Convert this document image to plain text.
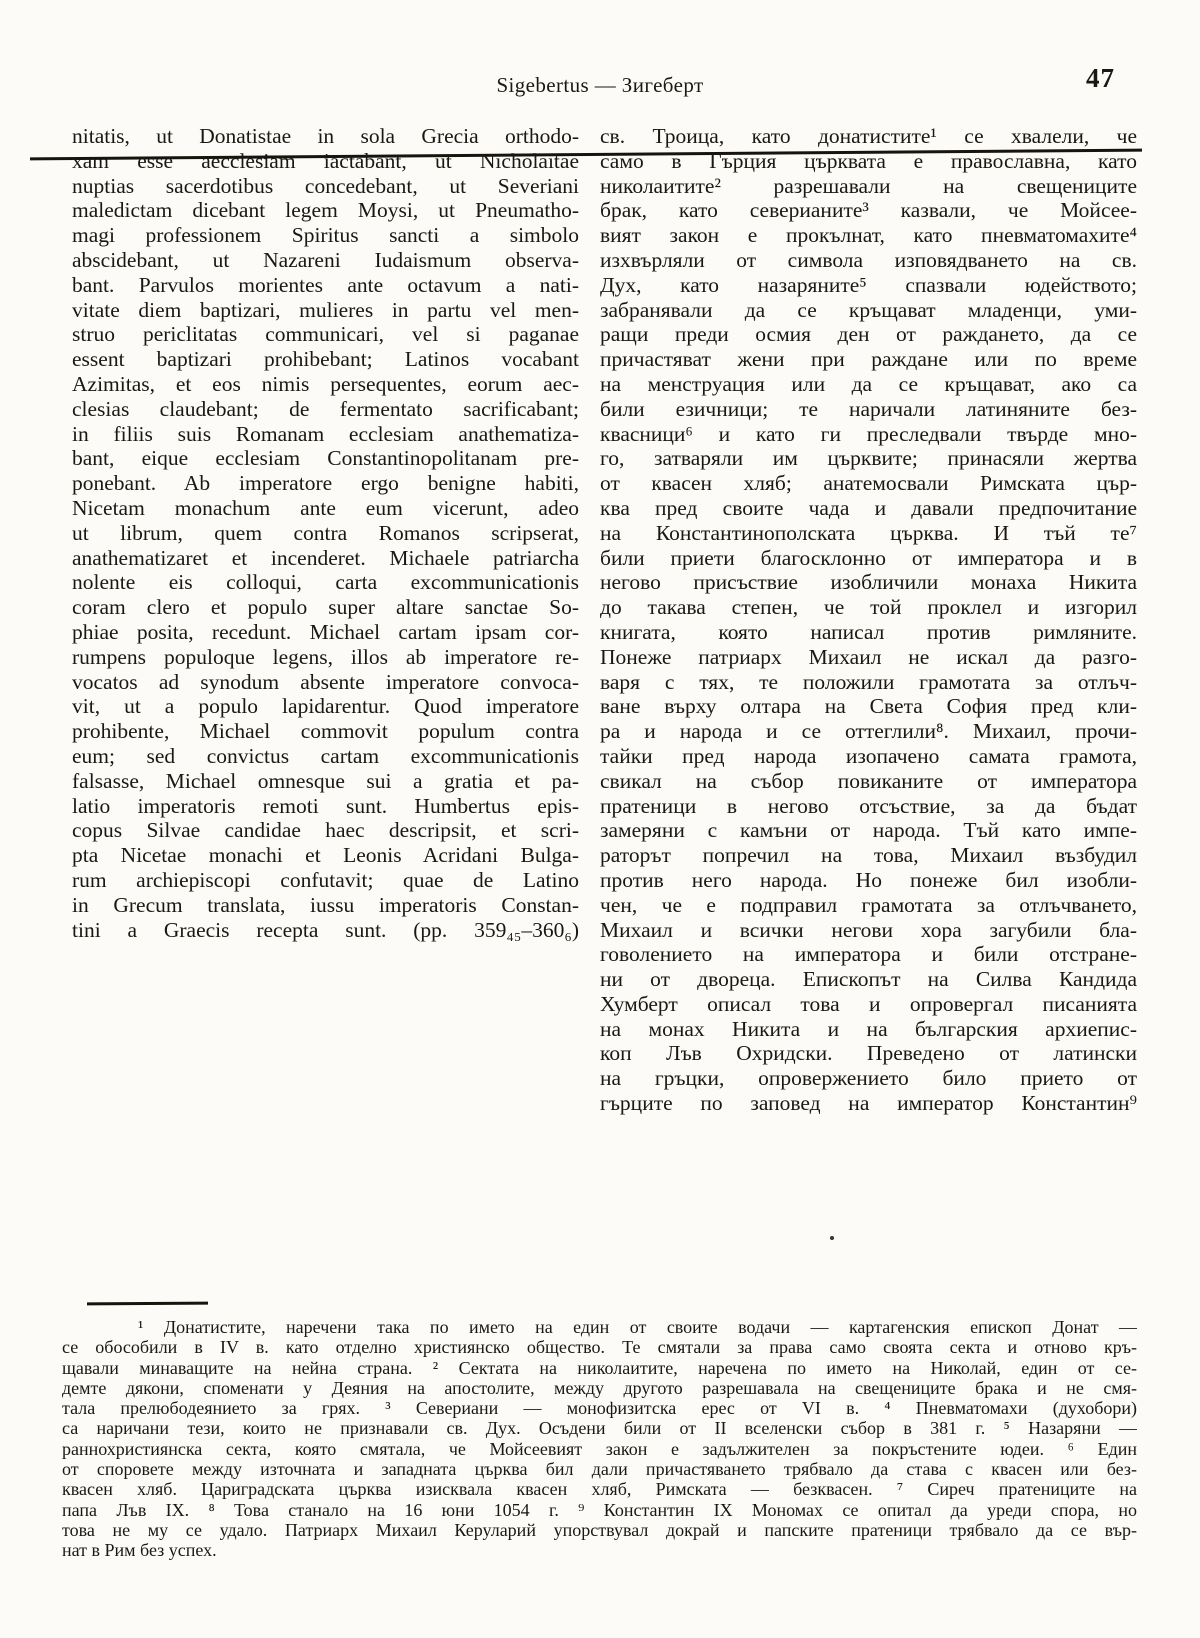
Sigebertus — Зигеберт	47
nitatis, ut Donatistae in sola Grecia orthodo-
xam esse aecclesiam iactabant, ut Nicholaitae
nuptias sacerdotibus concedebant, ut Severiani
maledictam dicebant legem Moysi, ut Pneumatho-
magi professionem Spiritus sancti a simbolo
abscidebant, ut Nazareni Iudaismum observa-
bant. Parvulos morientes ante octavum a nati-
vitate diem baptizari, mulieres in partu vel men-
struo periclitatas communicari, vel si paganae
essent baptizari prohibebant; Latinos vocabant
Azimitas, et eos nimis persequentes, eorum aec-
clesias claudebant; de fermentato sacrificabant;
in filiis suis Romanam ecclesiam anathematiza-
bant, eique ecclesiam Constantinopolitanam pre-
ponebant. Ab imperatore ergo benigne habiti,
Nicetam monachum ante eum vicerunt, adeo
ut librum, quem contra Romanos scripserat,
anathematizaret et incenderet. Michaele patriarcha
nolente eis colloqui, carta excommunicationis
coram clero et populo super altare sanctae So-
phiae posita, recedunt. Michael cartam ipsam cor-
rumpens populoque legens, illos ab imperatore re-
vocatos ad synodum absente imperatore convoca-
vit, ut a populo lapidarentur. Quod imperatore
prohibente, Michael commovit populum contra
eum; sed convictus cartam excommunicationis
falsasse, Michael omnesque sui a gratia et pa-
latio imperatoris remoti sunt. Humbertus epis-
copus Silvae candidae haec descripsit, et scri-
pta Nicetae monachi et Leonis Acridani Bulga-
rum archiepiscopi confutavit; quae de Latino
in Grecum translata, iussu imperatoris Constan-
tini a Graecis recepta sunt. (pp. 359₄₅–360₆)
св. Троица, като донатистите¹ се хвалели, че
само в Гърция църквата е православна, като
николаитите² разрешавали на свещениците
брак, като северианите³ казвали, че Мойсее-
вият закон е прокълнат, като пневматомахите⁴
изхвърляли от символа изповядването на св.
Дух, като назаряните⁵ спазвали юдейството;
забранявали да се кръщават младенци, уми-
ращи преди осмия ден от раждането, да се
причастяват жени при раждане или по време
на менструация или да се кръщават, ако са
били езичници; те наричали латиняните без-
квасници⁶ и като ги преследвали твърде мно-
го, затваряли им църквите; принасяли жертва
от квасен хляб; анатемосвали Римската цър-
ква пред своите чада и давали предпочитание
на Константинополската църква. И тъй те⁷
били приети благосклонно от императора и в
негово присъствие изобличили монаха Никита
до такава степен, че той проклел и изгорил
книгата, която написал против римляните.
Понеже патриарх Михаил не искал да разго-
варя с тях, те положили грамотата за отлъч-
ване върху олтара на Света София пред кли-
ра и народа и се оттеглили⁸. Михаил, прочи-
тайки пред народа изопачено самата грамота,
свикал на събор повиканите от императора
пратеници в негово отсъствие, за да бъдат
замеряни с камъни от народа. Тъй като импе-
раторът попречил на това, Михаил възбудил
против него народа. Но понеже бил изобли-
чен, че е подправил грамотата за отлъчването,
Михаил и всички негови хора загубили бла-
говолението на императора и били отстране-
ни от двореца. Епископът на Силва Кандида
Хумберт описал това и опровергал писанията
на монах Никита и на българския архиепис-
коп Лъв Охридски. Преведено от латински
на гръцки, опровержението било прието от
гърците по заповед на император Константин⁹
¹ Донатистите, наречени така по името на един от своите водачи — картагенския епископ Донат —
се обособили в IV в. като отделно християнско общество. Те смятали за права само своята секта и отново кръ-
щавали минаващите на нейна страна. ² Сектата на николаитите, наречена по името на Николай, един от се-
демте дякони, споменати у Деяния на апостолите, между другото разрешавала на свещениците брака и не смя-
тала прелюбодеянието за грях. ³ Севериани — монофизитска ерес от VI в. ⁴ Пневматомахи (духобори)
са наричани тези, които не признавали св. Дух. Осъдени били от II вселенски събор в 381 г. ⁵ Назаряни —
раннохристиянска секта, която смятала, че Мойсеевият закон е задължителен за покръстените юдеи. ⁶ Един
от споровете между източната и западната църква бил дали причастяването трябвало да става с квасен или без-
квасен хляб. Цариградската църква изисквала квасен хляб, Римската — безквасен. ⁷ Сиреч пратениците на
папа Лъв IX. ⁸ Това станало на 16 юни 1054 г. ⁹ Константин IX Мономах се опитал да уреди спора, но
това не му се удало. Патриарх Михаил Керуларий упорствувал докрай и папските пратеници трябвало да се вър-
нат в Рим без успех.
